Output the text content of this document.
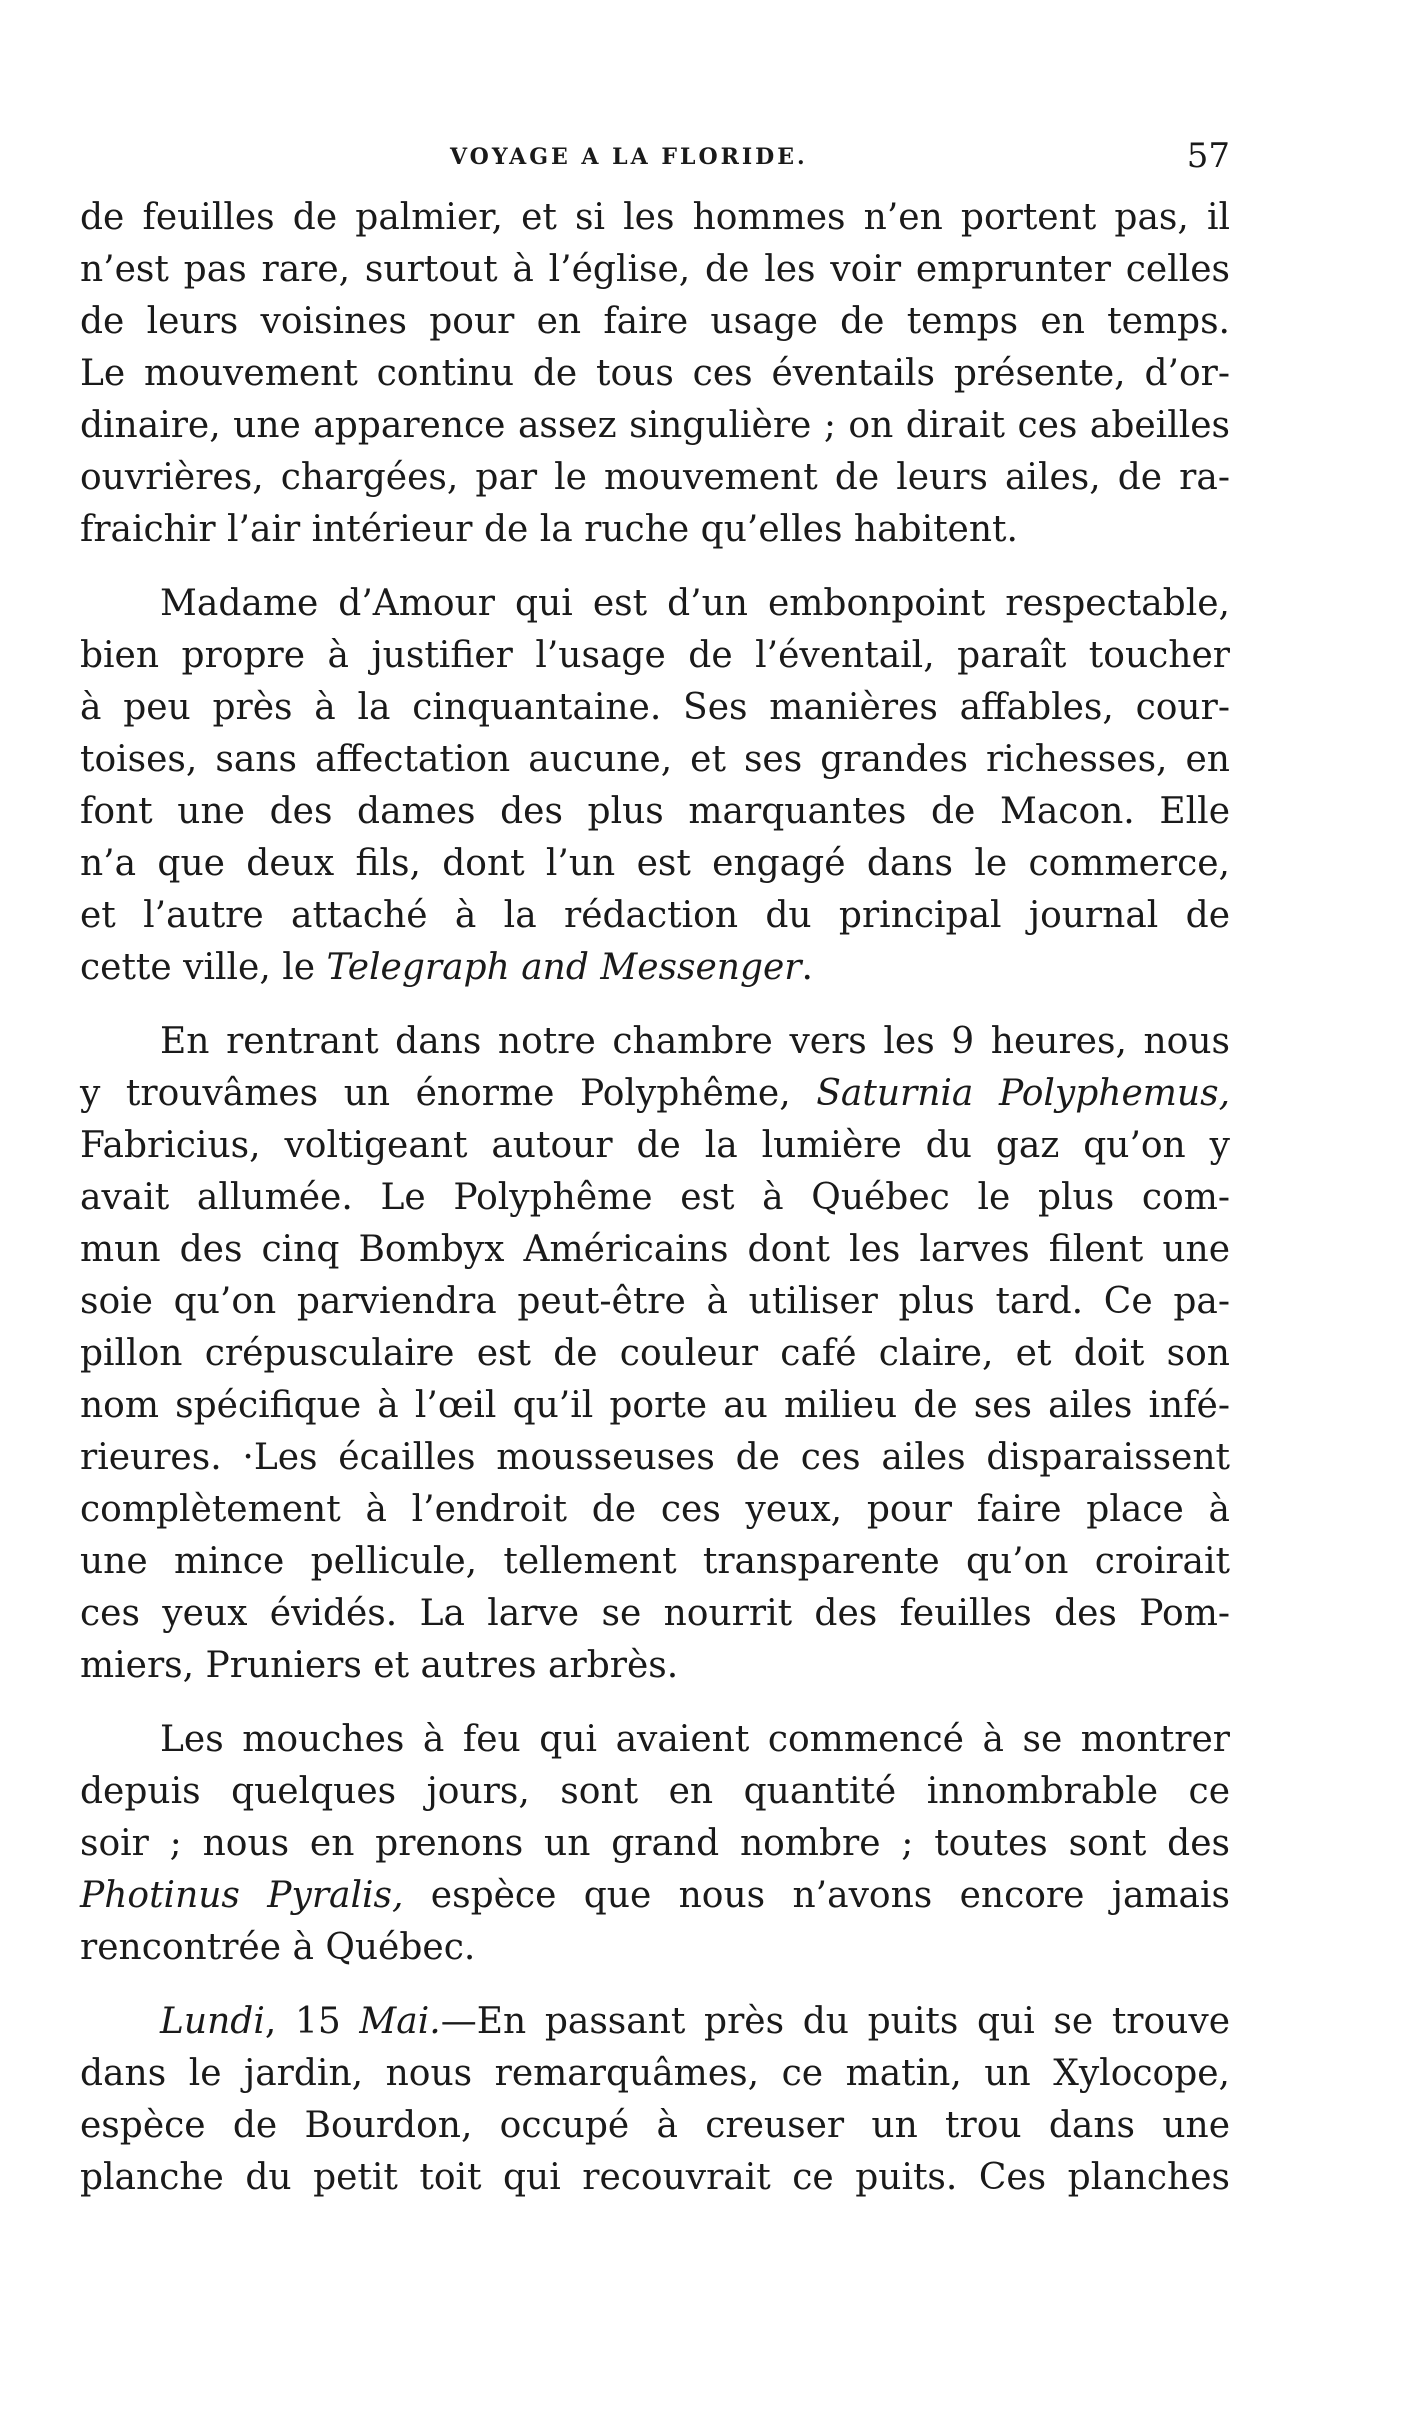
VOYAGE A LA FLORIDE.	57
de feuilles de palmier, et si les hommes n’en portent pas, il
n’est pas rare, surtout à l’église, de les voir emprunter celles
de leurs voisines pour en faire usage de temps en temps.
Le mouvement continu de tous ces éventails présente, d’or-
dinaire, une apparence assez singulière ; on dirait ces abeilles
ouvrières, chargées, par le mouvement de leurs ailes, de ra-
fraichir l’air intérieur de la ruche qu’elles habitent.
Madame d’Amour qui est d’un embonpoint respectable,
bien propre à justifier l’usage de l’éventail, paraît toucher
à peu près à la cinquantaine. Ses manières affables, cour-
toises, sans affectation aucune, et ses grandes richesses, en
font une des dames des plus marquantes de Macon. Elle
n’a que deux fils, dont l’un est engagé dans le commerce,
et l’autre attaché à la rédaction du principal journal de
cette ville, le Telegraph and Messenger.
En rentrant dans notre chambre vers les 9 heures, nous
y trouvâmes un énorme Polyphême, Saturnia Polyphemus,
Fabricius, voltigeant autour de la lumière du gaz qu’on y
avait allumée. Le Polyphême est à Québec le plus com-
mun des cinq Bombyx Américains dont les larves filent une
soie qu’on parviendra peut-être à utiliser plus tard. Ce pa-
pillon crépusculaire est de couleur café claire, et doit son
nom spécifique à l’œil qu’il porte au milieu de ses ailes infé-
rieures. ·Les écailles mousseuses de ces ailes disparaissent
complètement à l’endroit de ces yeux, pour faire place à
une mince pellicule, tellement transparente qu’on croirait
ces yeux évidés. La larve se nourrit des feuilles des Pom-
miers, Pruniers et autres arbrès.
Les mouches à feu qui avaient commencé à se montrer
depuis quelques jours, sont en quantité innombrable ce
soir ; nous en prenons un grand nombre ; toutes sont des
Photinus Pyralis, espèce que nous n’avons encore jamais
rencontrée à Québec.
Lundi, 15 Mai.—En passant près du puits qui se trouve
dans le jardin, nous remarquâmes, ce matin, un Xylocope,
espèce de Bourdon, occupé à creuser un trou dans une
planche du petit toit qui recouvrait ce puits. Ces planches
